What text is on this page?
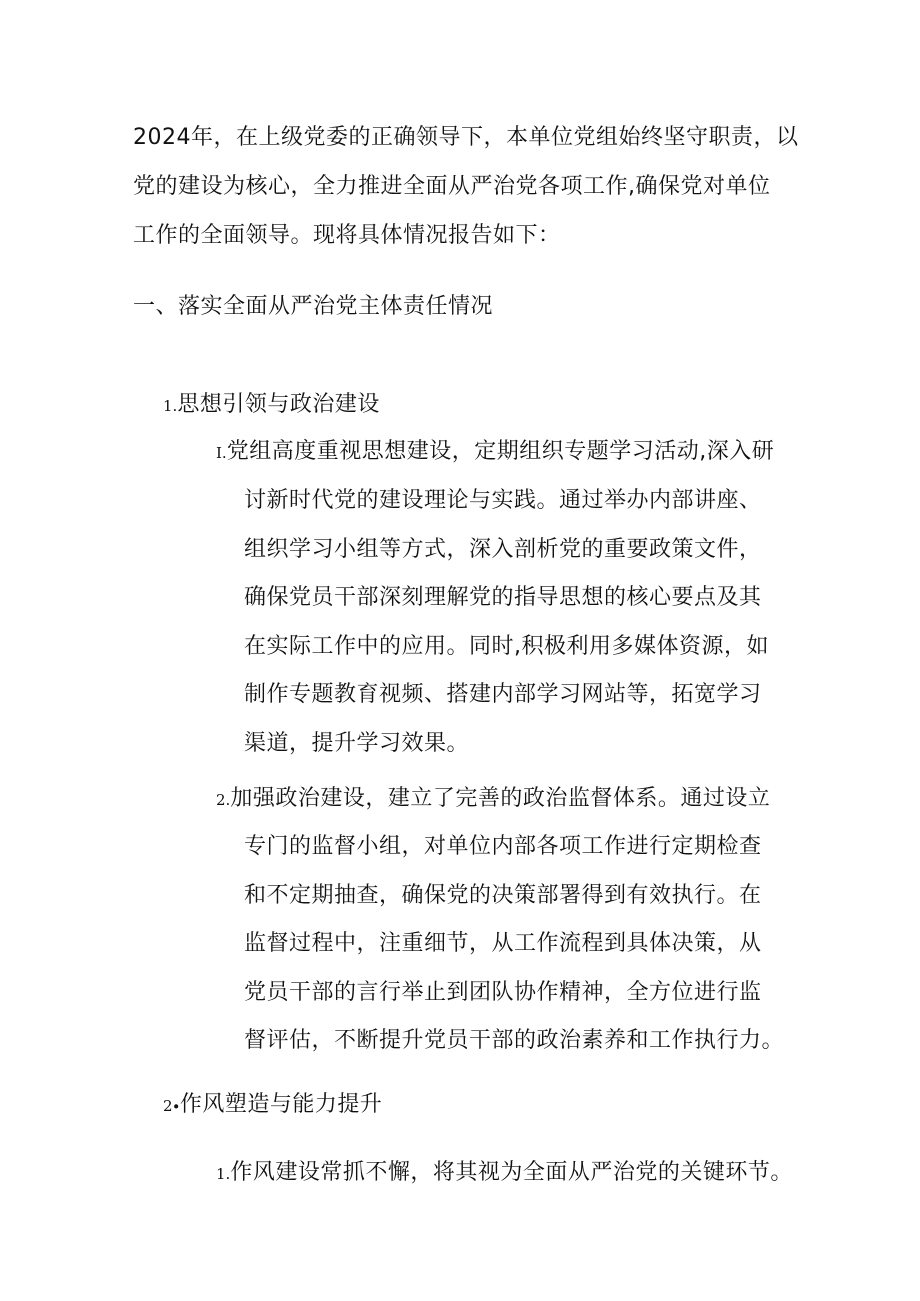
2024年，在上级党委的正确领导下，本单位党组始终坚守职责，以
党的建设为核心，全力推进全面从严治党各项工作,确保党对单位
工作的全面领导。现将具体情况报告如下：
一、落实全面从严治党主体责任情况
1.思想引领与政治建设
I.党组高度重视思想建设，定期组织专题学习活动,深入研
讨新时代党的建设理论与实践。通过举办内部讲座、
组织学习小组等方式，深入剖析党的重要政策文件，
确保党员干部深刻理解党的指导思想的核心要点及其
在实际工作中的应用。同时,积极利用多媒体资源，如
制作专题教育视频、搭建内部学习网站等，拓宽学习
渠道，提升学习效果。
2.加强政治建设，建立了完善的政治监督体系。通过设立
专门的监督小组，对单位内部各项工作进行定期检查
和不定期抽查，确保党的决策部署得到有效执行。在
监督过程中，注重细节，从工作流程到具体决策，从
党员干部的言行举止到团队协作精神，全方位进行监
督评估，不断提升党员干部的政治素养和工作执行力。
2∙作风塑造与能力提升
1.作风建设常抓不懈，将其视为全面从严治党的关键环节。
